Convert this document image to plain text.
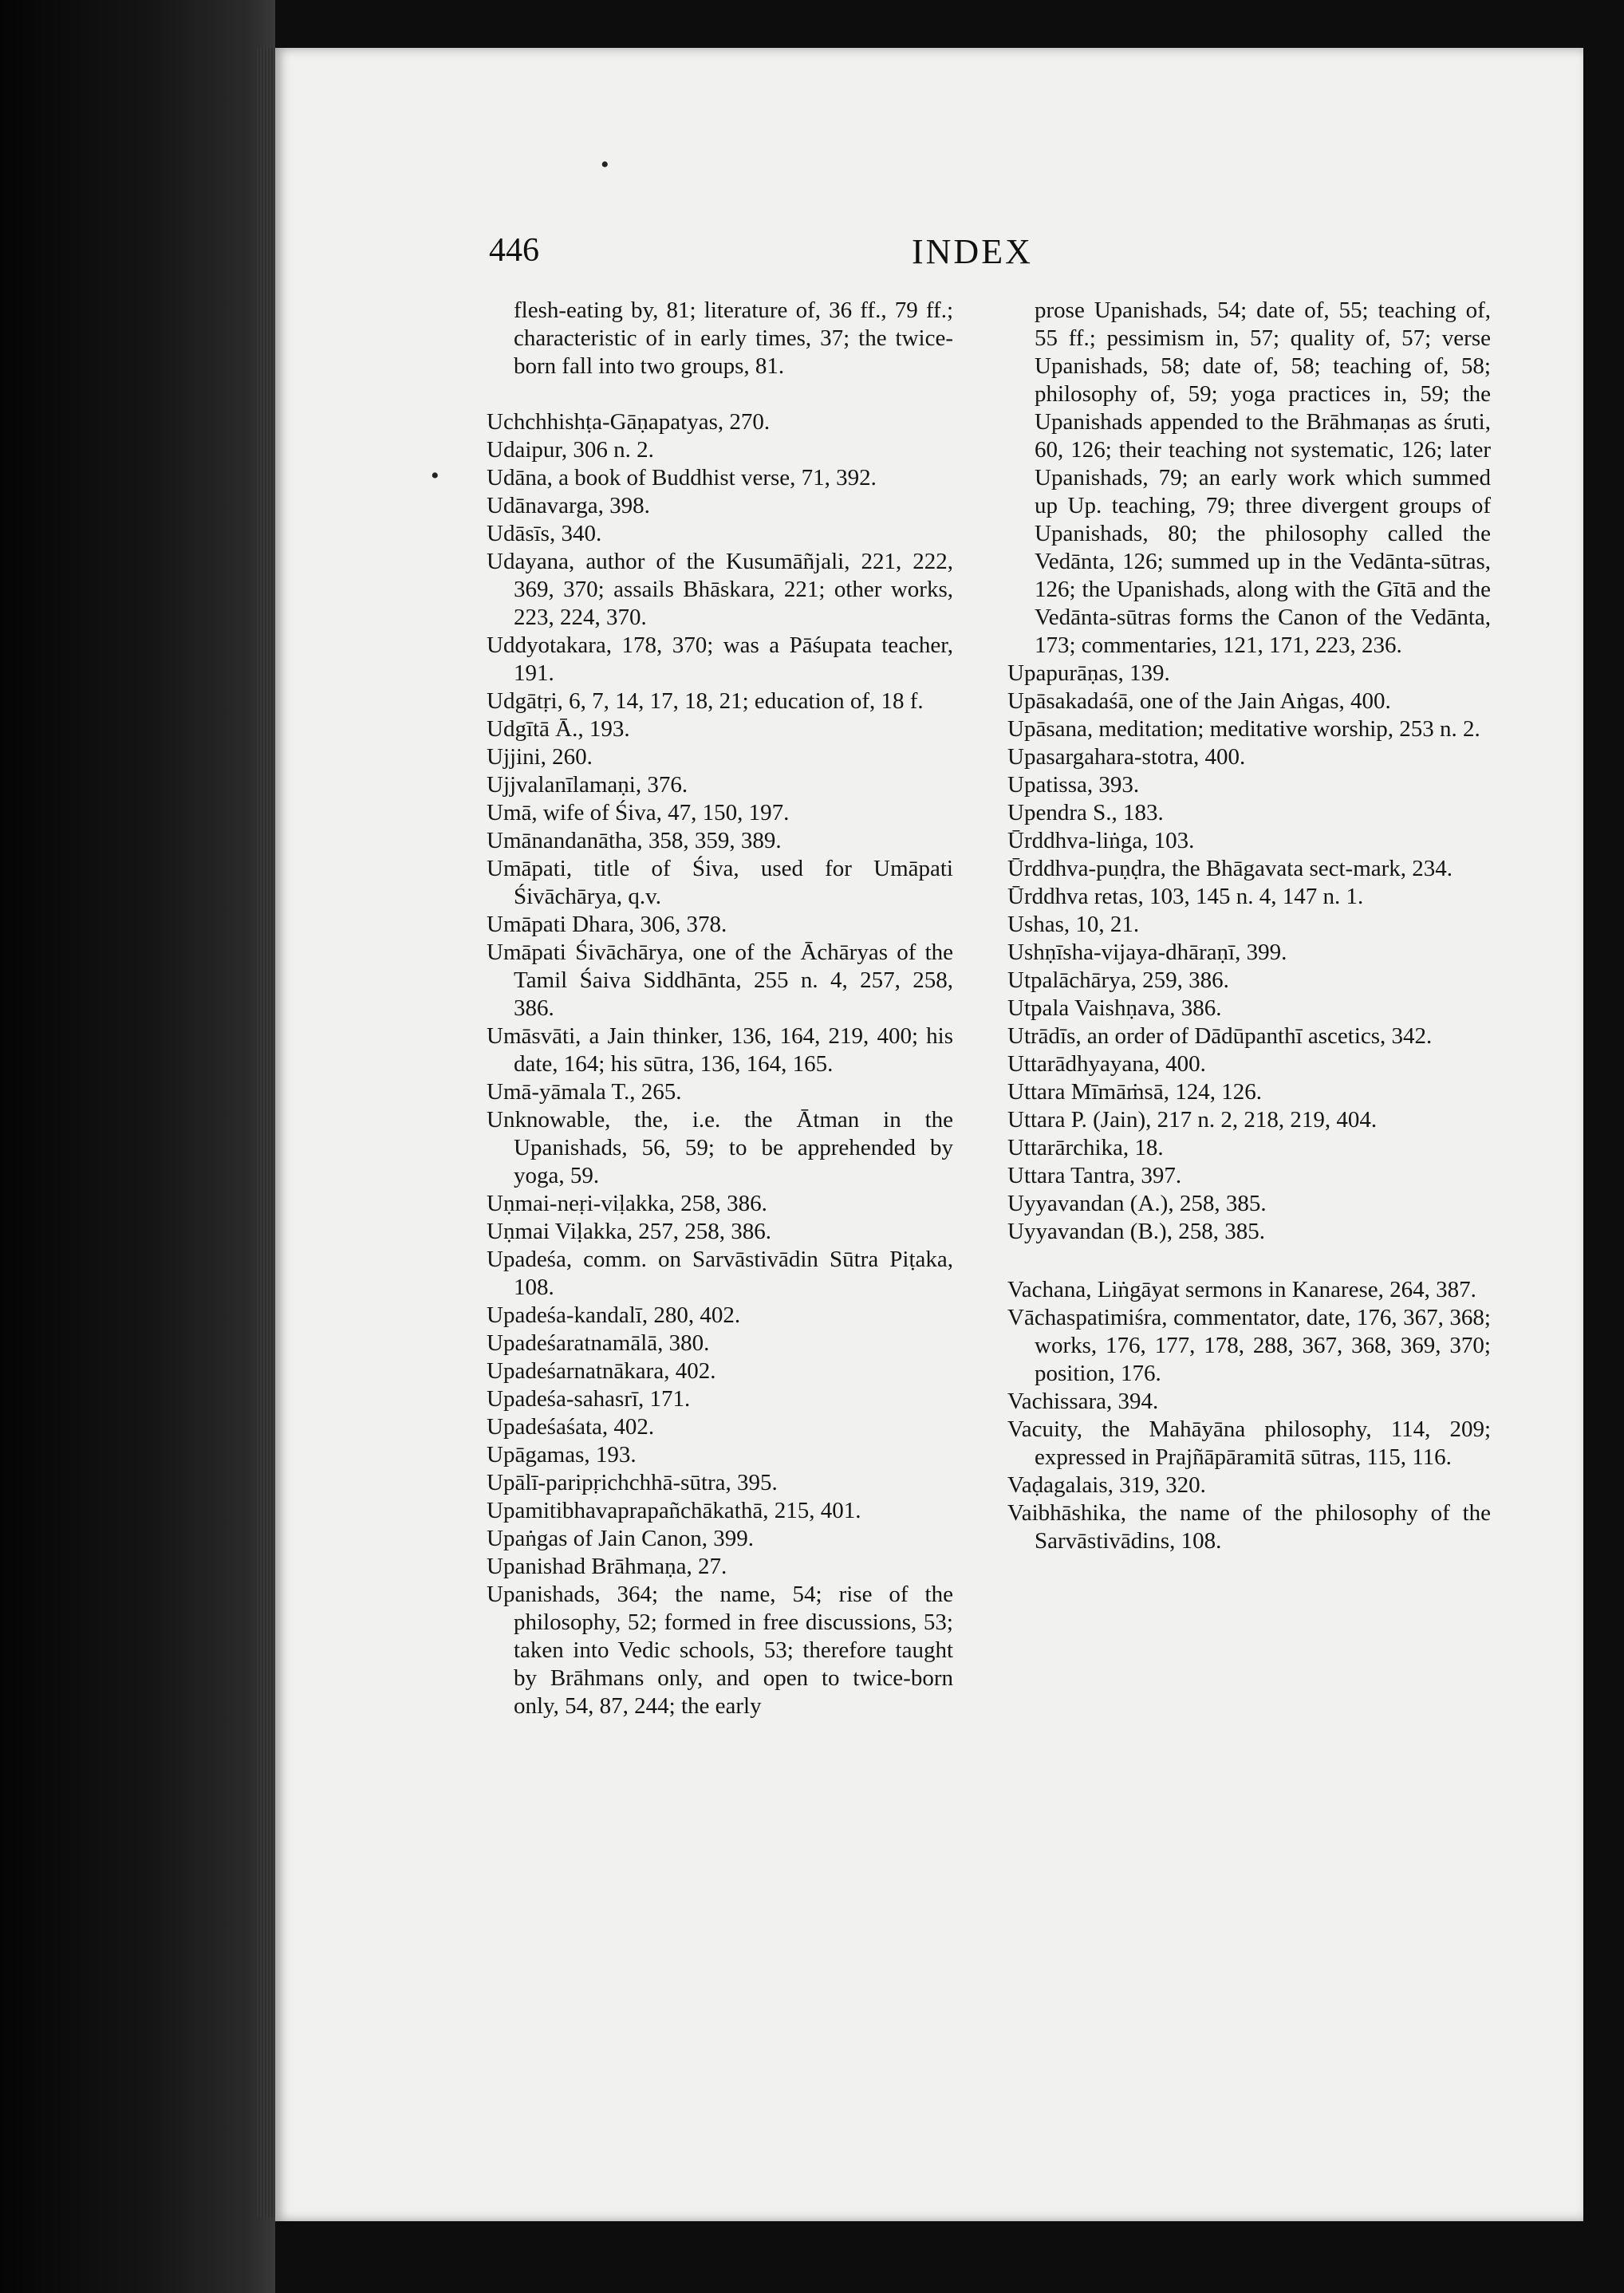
446	INDEX

flesh-eating by, 81; literature of, 36 ff., 79 ff.; characteristic of in early times, 37; the twice-born fall into two groups, 81.

Uchchhishṭa-Gāṇapatyas, 270.

Udaipur, 306 n. 2.

Udāna, a book of Buddhist verse, 71, 392.

Udānavarga, 398.

Udāsīs, 340.

Udayana, author of the Kusumāñjali, 221, 222, 369, 370; assails Bhāskara, 221; other works, 223, 224, 370.

Uddyotakara, 178, 370; was a Pāśupata teacher, 191.

Udgātṛi, 6, 7, 14, 17, 18, 21; education of, 18 f.

Udgītā Ā., 193.

Ujjini, 260.

Ujjvalanīlamaṇi, 376.

Umā, wife of Śiva, 47, 150, 197.

Umānandanātha, 358, 359, 389.

Umāpati, title of Śiva, used for Umāpati Śivāchārya, q.v.

Umāpati Dhara, 306, 378.

Umāpati Śivāchārya, one of the Āchāryas of the Tamil Śaiva Siddhānta, 255 n. 4, 257, 258, 386.

Umāsvāti, a Jain thinker, 136, 164, 219, 400; his date, 164; his sūtra, 136, 164, 165.

Umā-yāmala T., 265.

Unknowable, the, i.e. the Ātman in the Upanishads, 56, 59; to be apprehended by yoga, 59.

Uṇmai-neṛi-viḷakka, 258, 386.

Uṇmai Viḷakka, 257, 258, 386.

Upadeśa, comm. on Sarvāstivādin Sūtra Piṭaka, 108.

Upadeśa-kandalī, 280, 402.

Upadeśaratnamālā, 380.

Upadeśarnatnākara, 402.

Upadeśa-sahasrī, 171.

Upadeśaśata, 402.

Upāgamas, 193.

Upālī-paripṛichchhā-sūtra, 395.

Upamitibhavaprapañchākathā, 215, 401.

Upaṅgas of Jain Canon, 399.

Upanishad Brāhmaṇa, 27.

Upanishads, 364; the name, 54; rise of the philosophy, 52; formed in free discussions, 53; taken into Vedic schools, 53; therefore taught by Brāhmans only, and open to twice-born only, 54, 87, 244; the early

prose Upanishads, 54; date of, 55; teaching of, 55 ff.; pessimism in, 57; quality of, 57; verse Upanishads, 58; date of, 58; teaching of, 58; philosophy of, 59; yoga practices in, 59; the Upanishads appended to the Brāhmaṇas as śruti, 60, 126; their teaching not systematic, 126; later Upanishads, 79; an early work which summed up Up. teaching, 79; three divergent groups of Upanishads, 80; the philosophy called the Vedānta, 126; summed up in the Vedānta-sūtras, 126; the Upanishads, along with the Gītā and the Vedānta-sūtras forms the Canon of the Vedānta, 173; commentaries, 121, 171, 223, 236.

Upapurāṇas, 139.

Upāsakadaśā, one of the Jain Aṅgas, 400.

Upāsana, meditation; meditative worship, 253 n. 2.

Upasargahara-stotra, 400.

Upatissa, 393.

Upendra S., 183.

Ūrddhva-liṅga, 103.

Ūrddhva-puṇḍra, the Bhāgavata sect-mark, 234.

Ūrddhva retas, 103, 145 n. 4, 147 n. 1.

Ushas, 10, 21.

Ushṇīsha-vijaya-dhāraṇī, 399.

Utpalāchārya, 259, 386.

Utpala Vaishṇava, 386.

Utrādīs, an order of Dādūpanthī ascetics, 342.

Uttarādhyayana, 400.

Uttara Mīmāṁsā, 124, 126.

Uttara P. (Jain), 217 n. 2, 218, 219, 404.

Uttarārchika, 18.

Uttara Tantra, 397.

Uyyavandan (A.), 258, 385.

Uyyavandan (B.), 258, 385.

Vachana, Liṅgāyat sermons in Kanarese, 264, 387.

Vāchaspatimiśra, commentator, date, 176, 367, 368; works, 176, 177, 178, 288, 367, 368, 369, 370; position, 176.

Vachissara, 394.

Vacuity, the Mahāyāna philosophy, 114, 209; expressed in Prajñāpāramitā sūtras, 115, 116.

Vaḍagalais, 319, 320.

Vaibhāshika, the name of the philosophy of the Sarvāstivādins, 108.

•
•
